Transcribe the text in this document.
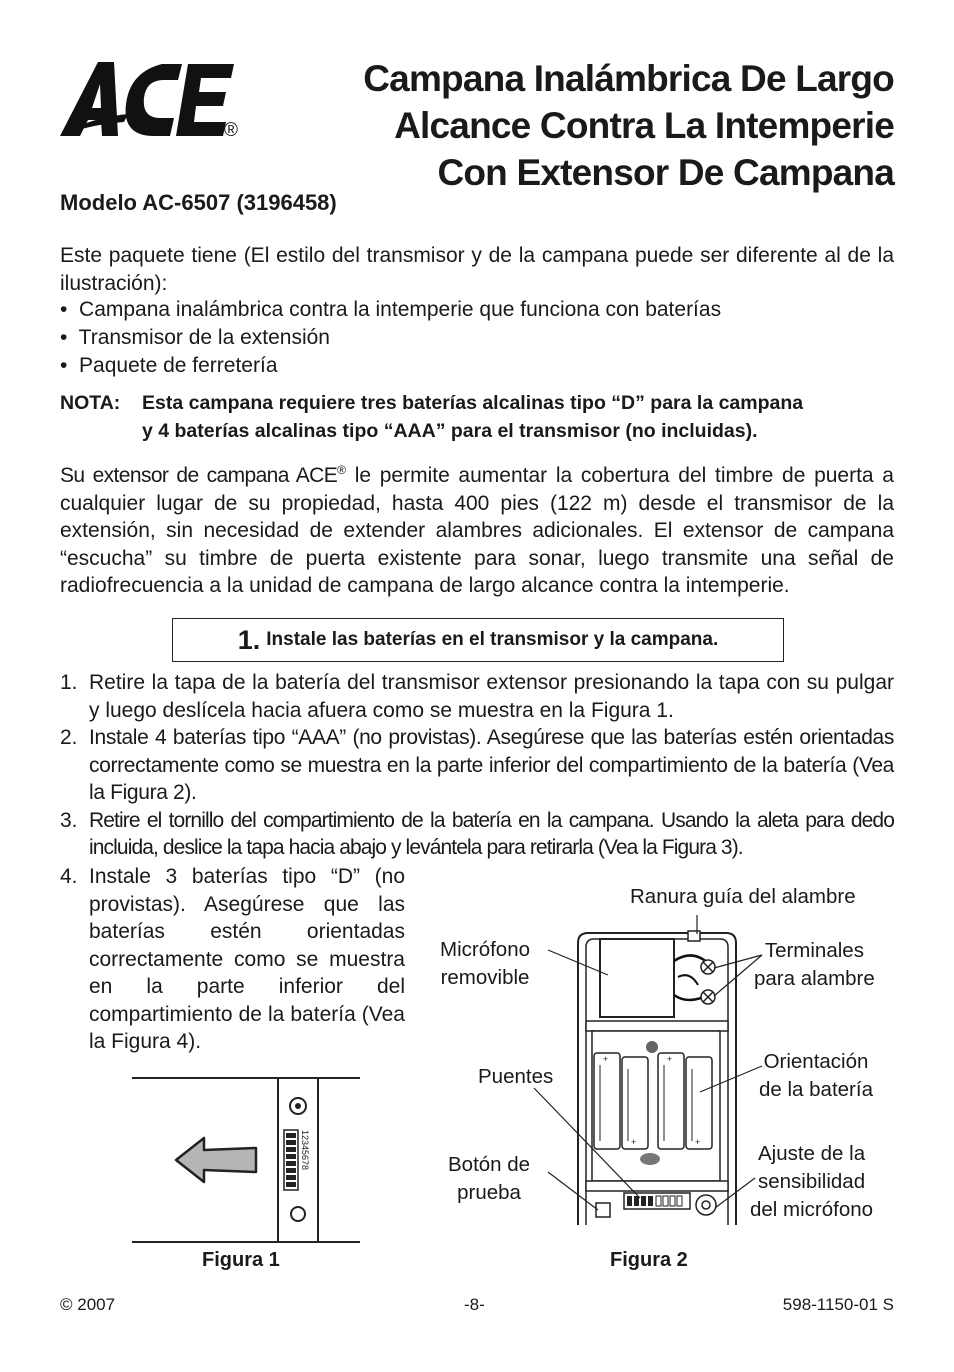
®
Campana Inalámbrica De Largo
Alcance Contra La Intemperie
Con Extensor De Campana
Modelo AC-6507 (3196458)
Este paquete tiene (El estilo del transmisor y de la campana puede ser diferente al de la ilustración):
• Campana inalámbrica contra la intemperie que funciona con baterías
• Transmisor de la extensión
• Paquete de ferretería
NOTA: Esta campana requiere tres baterías alcalinas tipo “D” para la campana
y 4 baterías alcalinas tipo “AAA” para el transmisor (no incluidas).
Su extensor de campana ACE® le permite aumentar la cobertura del timbre de puerta a cualquier lugar de su propiedad, hasta 400 pies (122 m) desde el transmisor de la extensión, sin necesidad de extender alambres adicionales. El extensor de campana “escucha” su timbre de puerta existente para sonar, luego transmite una señal de radiofrecuencia a la unidad de campana de largo alcance contra la intemperie.
1. Instale las baterías en el transmisor y la campana.
1. Retire la tapa de la batería del transmisor extensor presionando la tapa con su pulgar y luego deslícela hacia afuera como se muestra en la Figura 1.
2. Instale 4 baterías tipo “AAA” (no provistas). Asegúrese que las baterías estén orientadas correctamente como se muestra en la parte inferior del compartimiento de la batería (Vea la Figura 2).
3. Retire el tornillo del compartimiento de la batería en la campana. Usando la aleta para dedo incluida, deslice la tapa hacia abajo y levántela para retirarla (Vea la Figura 3).
4. Instale 3 baterías tipo “D” (no provistas). Asegúrese que las baterías estén orientadas correctamente como se muestra en la parte inferior del compartimiento de la batería (Vea la Figura 4).
12345678
Figura 1
+
+
+
+
Ranura guía del alambre
Micrófono
removible
Terminales
para alambre
Puentes
Orientación
de la batería
Botón de
prueba
Ajuste de la
sensibilidad
del micrófono
Figura 2
© 2007	-8-	598-1150-01 S
